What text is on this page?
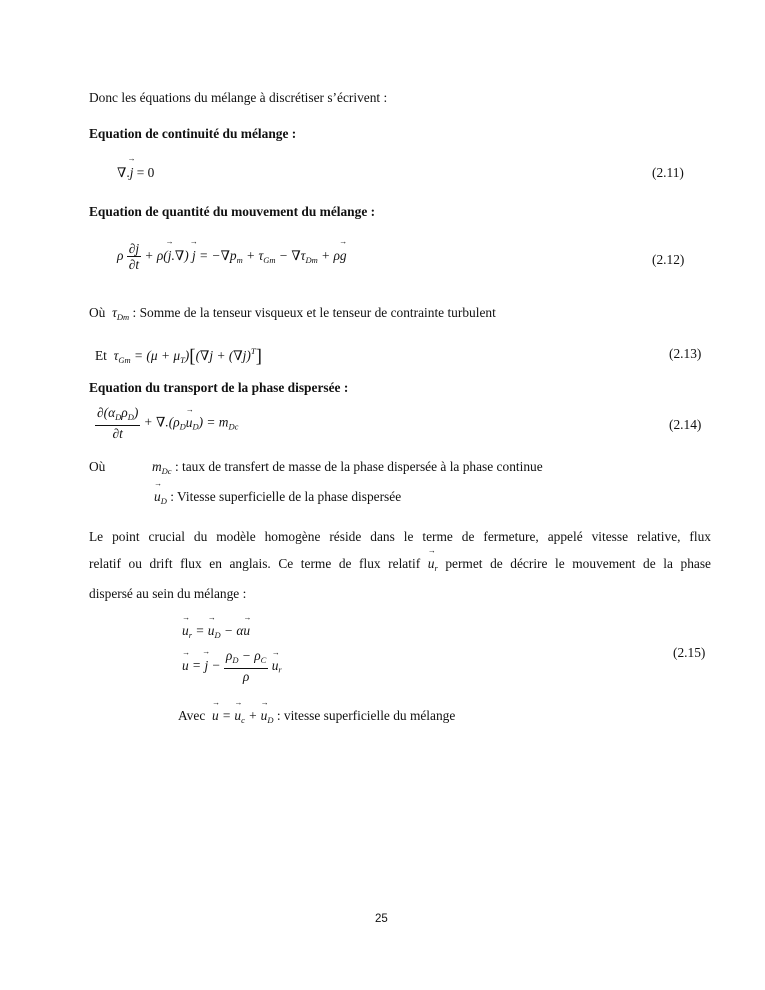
Donc les équations du mélange à discrétiser s’écrivent :
Equation de continuité du mélange :
∇.→ j = 0	(2.11)
Equation de quantité du mouvement du mélange :
ρ $\frac{\partial j}{\partial t} + \rho(\to j.\nabla) \to j = -\nabla p_m + \tau_{Gm} - \nabla\tau_{Dm} + \rho\to g$	(2.12)
Où $\tau_{Dm}$ : Somme de la tenseur visqueux et le tenseur de contrainte turbulent
Et $\tau_{Gm} = (\mu + \mu_T)[(\nabla j + (\nabla j)^T]$	(2.13)
Equation du transport de la phase dispersée :
$\frac{\partial(\alpha_D\rho_D)}{\partial t} + \nabla.(\rho_D\to u_D) = m_{Dc}$	(2.14)
Où	$m_{Dc}$ : taux de transfert de masse de la phase dispersée à la phase continue
→ $u_D$ : Vitesse superficielle de la phase dispersée
Le point crucial du modèle homogène réside dans le terme de fermeture, appelé vitesse relative, flux
relatif ou drift flux en anglais. Ce terme de flux relatif → $u_r$ permet de décrire le mouvement de la phase
dispersé au sein du mélange :
→ $u_r$ = → $u_D - \alpha\to u$
→ u = → $j - \frac{\rho_D - \rho_C}{\rho}$
→ $u_r$
(2.15)
Avec  → u = → $u_c$ + → $u_D$ : vitesse superficielle du mélange
25
